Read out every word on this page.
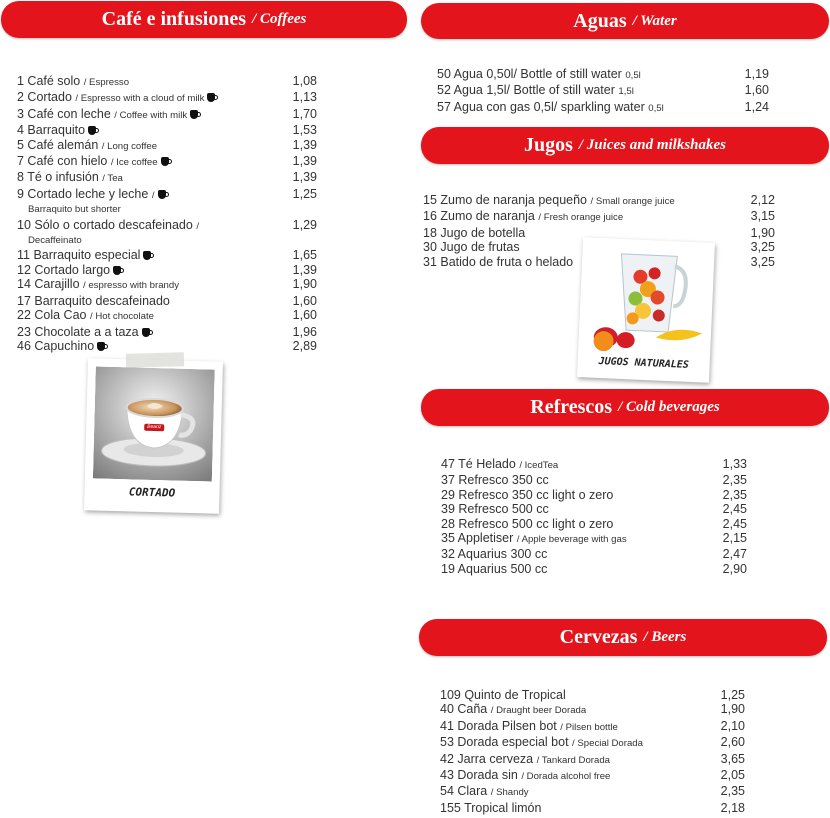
Café e infusiones / Coffees	Aguas / Water
Jugos / Juices and milkshakes
Refrescos / Cold beverages
Cervezas / Beers
1 Café solo / Espresso	1,08
2 Cortado / Espresso with a cloud of milk	1,13
3 Café con leche / Coffee with milk	1,70
4 Barraquito	1,53
5 Café alemán / Long coffee	1,39
7 Café con hielo / Ice coffee	1,39
8 Té o infusión / Tea	1,39
9 Cortado leche y leche /	1,25
Barraquito but shorter
10 Sólo o cortado descafeinado /	1,29
Decaffeinato
11 Barraquito especial	1,65
12 Cortado largo	1,39
14 Carajillo / espresso with brandy	1,90
17 Barraquito descafeinado	1,60
22 Cola Cao / Hot chocolate	1,60
23 Chocolate a a taza	1,96
46 Capuchino	2,89
50 Agua 0,50l/ Bottle of still water 0,5l	1,19
52 Agua 1,5l/ Bottle of still water 1,5l	1,60
57 Agua con gas 0,5l/ sparkling water 0,5l	1,24
15 Zumo de naranja pequeño / Small orange juice	2,12
16 Zumo de naranja / Fresh orange juice	3,15
18 Jugo de botella	1,90
30 Jugo de frutas	3,25
31 Batido de fruta o helado	3,25
47 Té Helado / IcedTea	1,33
37 Refresco 350 cc	2,35
29 Refresco 350 cc light o zero	2,35
39 Refresco 500 cc	2,45
28 Refresco 500 cc light o zero	2,45
35 Appletiser / Apple beverage with gas	2,15
32 Aquarius 300 cc	2,47
19 Aquarius 500 cc	2,90
109 Quinto de Tropical	1,25
40 Caña / Draught beer Dorada	1,90
41 Dorada Pilsen bot / Pilsen bottle	2,10
53 Dorada especial bot / Special Dorada	2,60
42 Jarra cerveza / Tankard Dorada	3,65
43 Dorada sin / Dorada alcohol free	2,05
54 Clara / Shandy	2,35
155 Tropical limón	2,18
Beanz
CORTADO
JUGOS NATURALES
